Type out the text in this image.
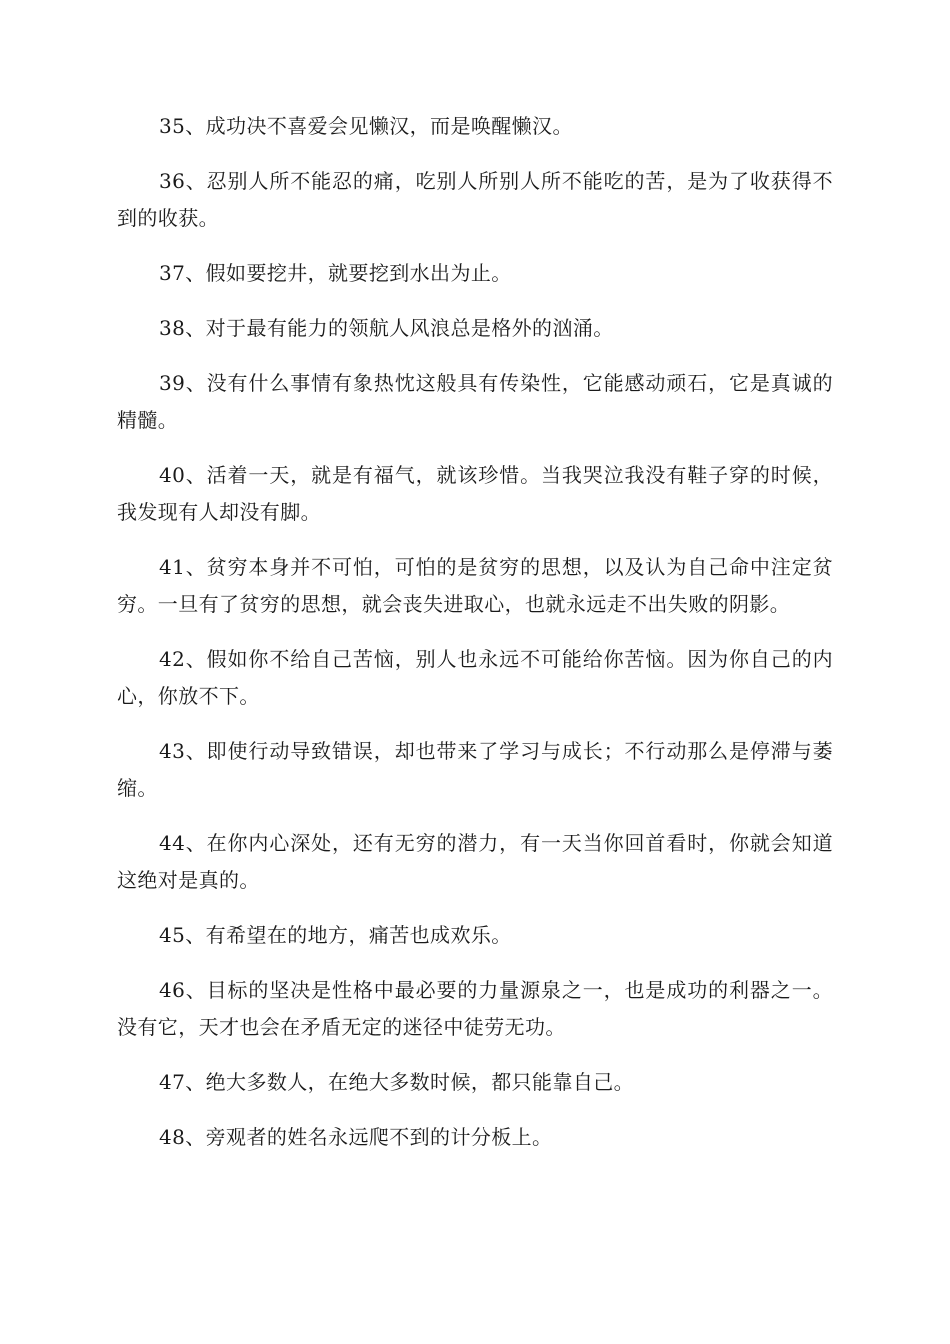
35、成功决不喜爱会见懒汉，而是唤醒懒汉。

36、忍别人所不能忍的痛，吃别人所别人所不能吃的苦，是为了收获得不到的收获。

37、假如要挖井，就要挖到水出为止。

38、对于最有能力的领航人风浪总是格外的汹涌。

39、没有什么事情有象热忱这般具有传染性，它能感动顽石，它是真诚的精髓。

40、活着一天，就是有福气，就该珍惜。当我哭泣我没有鞋子穿的时候，我发现有人却没有脚。

41、贫穷本身并不可怕，可怕的是贫穷的思想，以及认为自己命中注定贫穷。一旦有了贫穷的思想，就会丧失进取心，也就永远走不出失败的阴影。

42、假如你不给自己苦恼，别人也永远不可能给你苦恼。因为你自己的内心，你放不下。

43、即使行动导致错误，却也带来了学习与成长；不行动那么是停滞与萎缩。

44、在你内心深处，还有无穷的潜力，有一天当你回首看时，你就会知道这绝对是真的。

45、有希望在的地方，痛苦也成欢乐。

46、目标的坚决是性格中最必要的力量源泉之一，也是成功的利器之一。没有它，天才也会在矛盾无定的迷径中徒劳无功。

47、绝大多数人，在绝大多数时候，都只能靠自己。

48、旁观者的姓名永远爬不到的计分板上。
